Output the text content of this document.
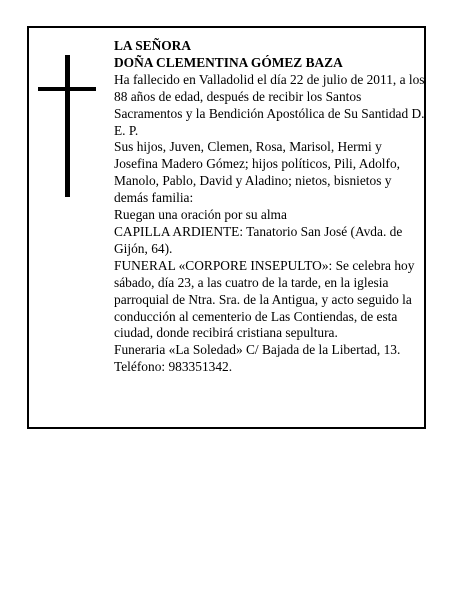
LA SEÑORA

DOÑA CLEMENTINA GÓMEZ BAZA

Ha fallecido en Valladolid el día 22 de julio de 2011, a los 88 años de edad, después de recibir los Santos Sacramentos y la Bendición Apostólica de Su Santidad D. E. P.

Sus hijos, Juven, Clemen, Rosa, Marisol, Hermi y Josefina Madero Gómez; hijos políticos, Pili, Adolfo, Manolo, Pablo, David y Aladino; nietos, bisnietos y demás familia:

Ruegan una oración por su alma

CAPILLA ARDIENTE: Tanatorio San José (Avda. de Gijón, 64).

FUNERAL «CORPORE INSEPULTO»: Se celebra hoy sábado, día 23, a las cuatro de la tarde, en la iglesia parroquial de Ntra. Sra. de la Antigua, y acto seguido la conducción al cementerio de Las Contiendas, de esta ciudad, donde recibirá cristiana sepultura.

Funeraria «La Soledad» C/ Bajada de la Libertad, 13. Teléfono: 983351342.
